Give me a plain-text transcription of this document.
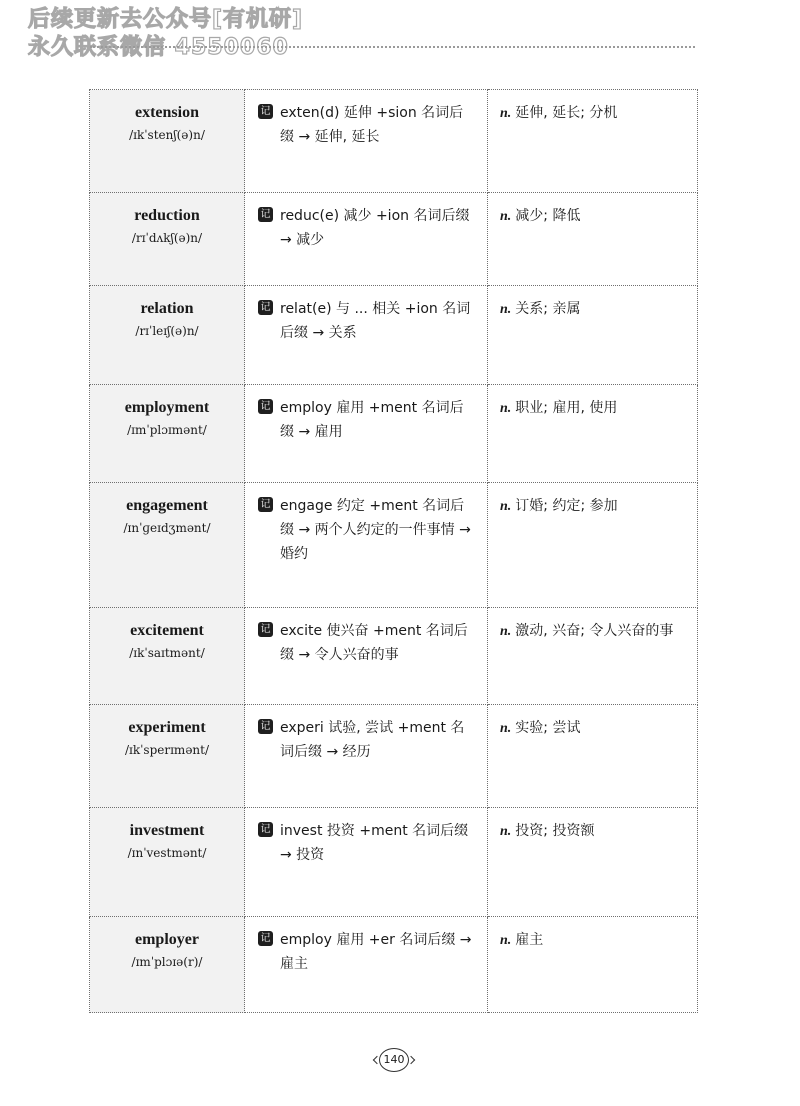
后续更新去公众号[有机研]
永久联系微信 4550060
extension
/ɪkˈstenʃ(ə)n/	记 exten(d) 延伸 +sion 名词后缀 → 延伸, 延长	n. 延伸, 延长; 分机

reduction
/rɪˈdʌkʃ(ə)n/	记 reduc(e) 减少 +ion 名词后缀 → 减少	n. 减少; 降低

relation
/rɪˈleɪʃ(ə)n/	记 relat(e) 与 ... 相关 +ion 名词后缀 → 关系	n. 关系; 亲属

employment
/ɪmˈplɔɪmənt/	记 employ 雇用 +ment 名词后缀 → 雇用	n. 职业; 雇用, 使用

engagement
/ɪnˈɡeɪdʒmənt/	记 engage 约定 +ment 名词后缀 → 两个人约定的一件事情 → 婚约	n. 订婚; 约定; 参加

excitement
/ɪkˈsaɪtmənt/	记 excite 使兴奋 +ment 名词后缀 → 令人兴奋的事	n. 激动, 兴奋; 令人兴奋的事

experiment
/ɪkˈsperɪmənt/	记 experi 试验, 尝试 +ment 名词后缀 → 经历	n. 实验; 尝试

investment
/ɪnˈvestmənt/	记 invest 投资 +ment 名词后缀 → 投资	n. 投资; 投资额

employer
/ɪmˈplɔɪə(r)/	记 employ 雇用 +er 名词后缀 → 雇主	n. 雇主
140
